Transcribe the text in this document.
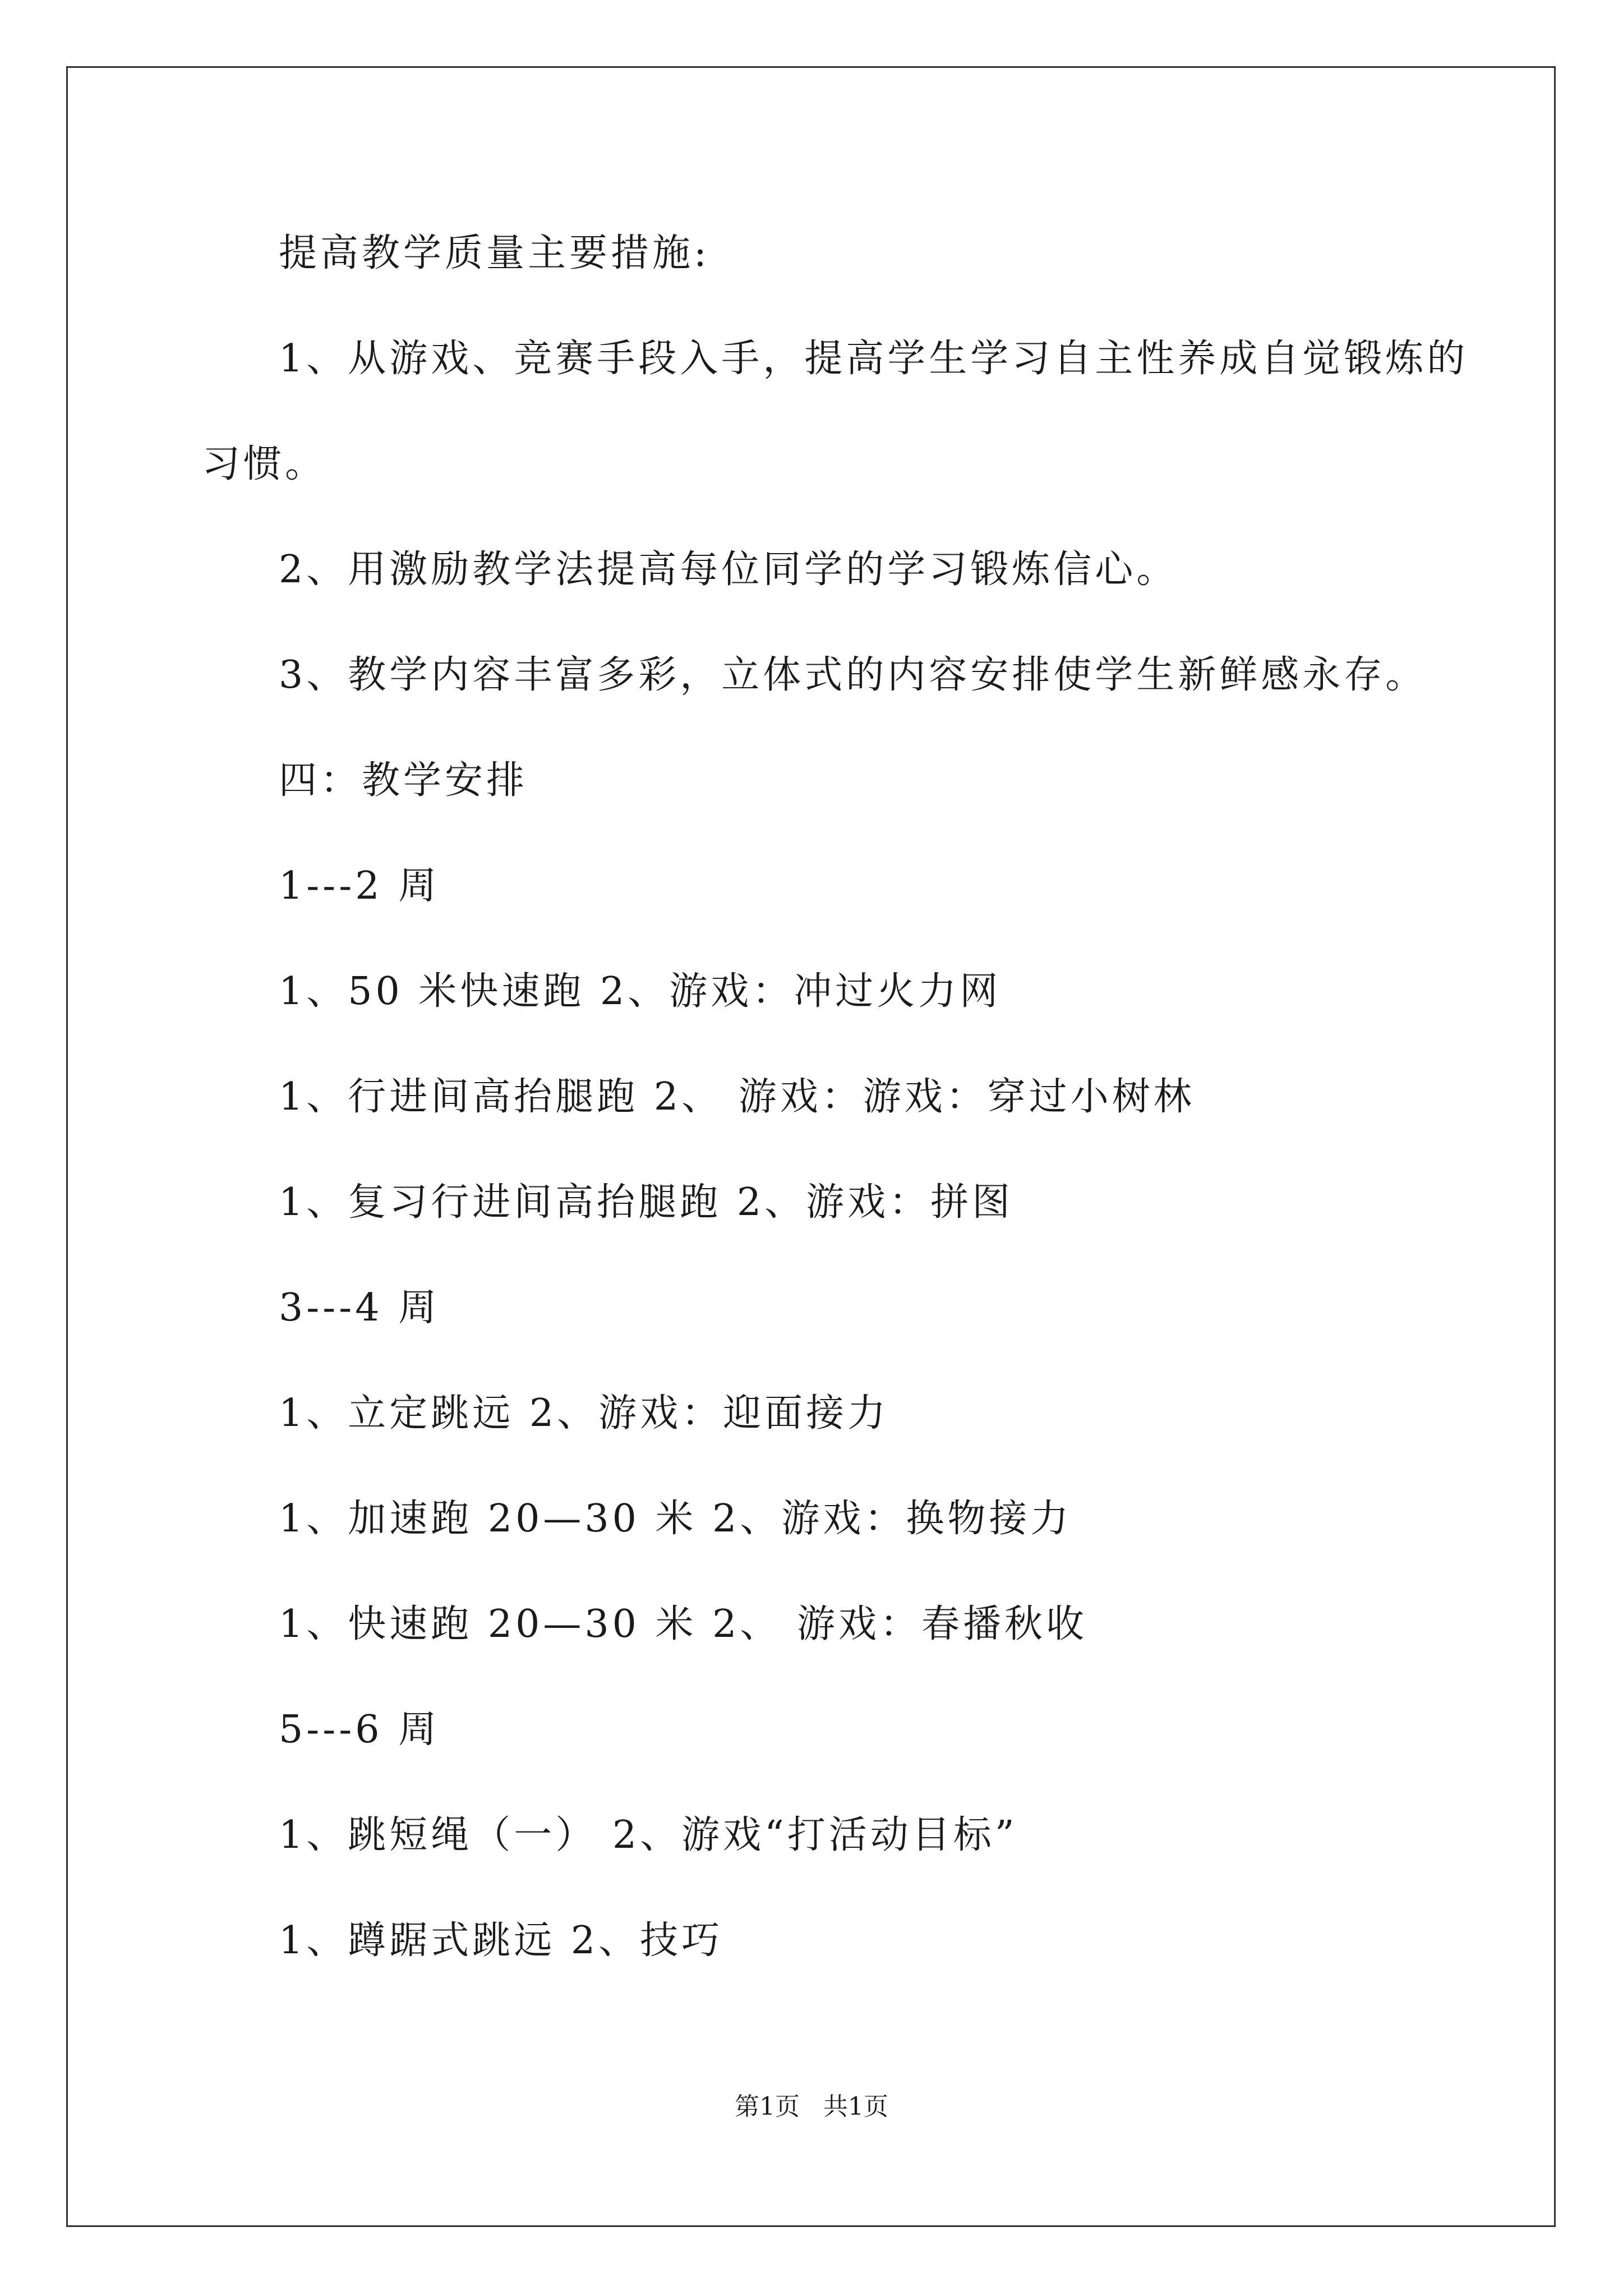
提高教学质量主要措施:
1、从游戏、竞赛手段入手，提高学生学习自主性养成自觉锻炼的
习惯。
2、用激励教学法提高每位同学的学习锻炼信心。
3、教学内容丰富多彩，立体式的内容安排使学生新鲜感永存。
四：教学安排
1---2 周
1、50 米快速跑 2、游戏：冲过火力网
1、行进间高抬腿跑 2、 游戏：游戏：穿过小树林
1、复习行进间高抬腿跑 2、游戏：拼图
3---4 周
1、立定跳远 2、游戏：迎面接力
1、加速跑 20—30 米 2、游戏：换物接力
1、快速跑 20—30 米 2、 游戏：春播秋收
5---6 周
1、跳短绳（一） 2、游戏“打活动目标”
1、蹲踞式跳远 2、技巧
第1页   共1页
